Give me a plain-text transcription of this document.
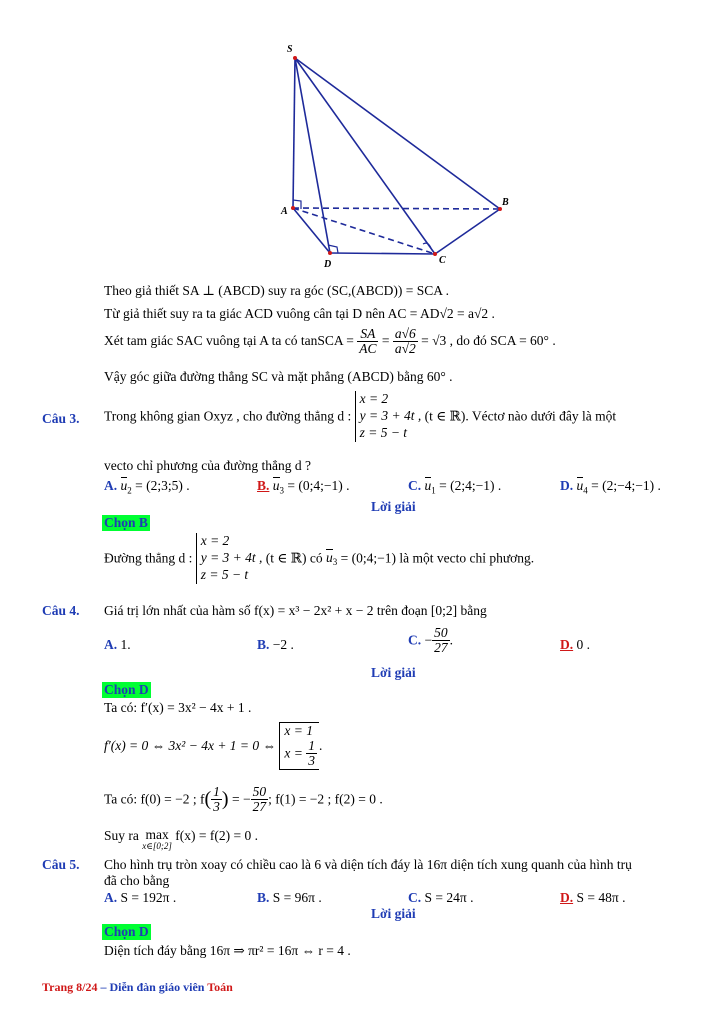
S
A
B
C
D
Theo giả thiết SA ⊥ (ABCD) suy ra góc (SC,(ABCD)) = SCA .
Từ giả thiết suy ra ta giác ACD vuông cân tại D nên AC = AD√2 = a√2 .
Xét tam giác SAC vuông tại A ta có tanSCA = $\frac{SA}{AC} = \frac{a√6}{a√2} = √3$ , do đó SCA = 60° .
Vậy góc giữa đường thẳng SC và mặt phẳng (ABCD) bằng 60° .
Câu 3. Trong không gian Oxyz , cho đường thẳng d :
x = 2
y = 3 + 4t ,
z = 5 − t
(t ∈ ℝ). Véctơ nào dưới đây là một
vecto chỉ phương của đường thẳng d ?
A. $u_2$ = (2;3;5) .	B. $u_3$ = (0;4;−1) .	C. $u_1$ = (2;4;−1) .	D. $u_4$ = (2;−4;−1) .
Lời giải
Chọn B
Đường thẳng d :
x = 2
y = 3 + 4t ,
z = 5 − t
(t ∈ ℝ) có $u_3$ = (0;4;−1) là một vecto chỉ phương.
Câu 4. Giá trị lớn nhất của hàm số f(x) = x³ − 2x² + x − 2 trên đoạn [0;2] bằng
A. 1.	B. −2 .	C. − $\frac{50}{27}$ .	D. 0 .
Lời giải
Chọn D
Ta có: f′(x) = 3x² − 4x + 1 .
f′(x) = 0 ⇔ 3x² − 4x + 1 = 0 ⇔
x = 1
$x = \frac{1}{3}$ .
Ta có: f(0) = −2 ; $f( \frac{1}{3}$ ) = − $\frac{50}{27}$ ; f(1) = −2 ; f(2) = 0 .
Suy ra max
x∈[0;2]
f(x) = f(2) = 0 .
Câu 5. Cho hình trụ tròn xoay có chiều cao là 6 và diện tích đáy là 16π diện tích xung quanh của hình trụ
đã cho bằng
A. S = 192π .	B. S = 96π .	C. S = 24π .	D. S = 48π .
Lời giải
Chọn D
Diện tích đáy bằng 16π ⇒ πr² = 16π ⇔ r = 4 .
Trang 8/24 – Diễn đàn giáo viên Toán
